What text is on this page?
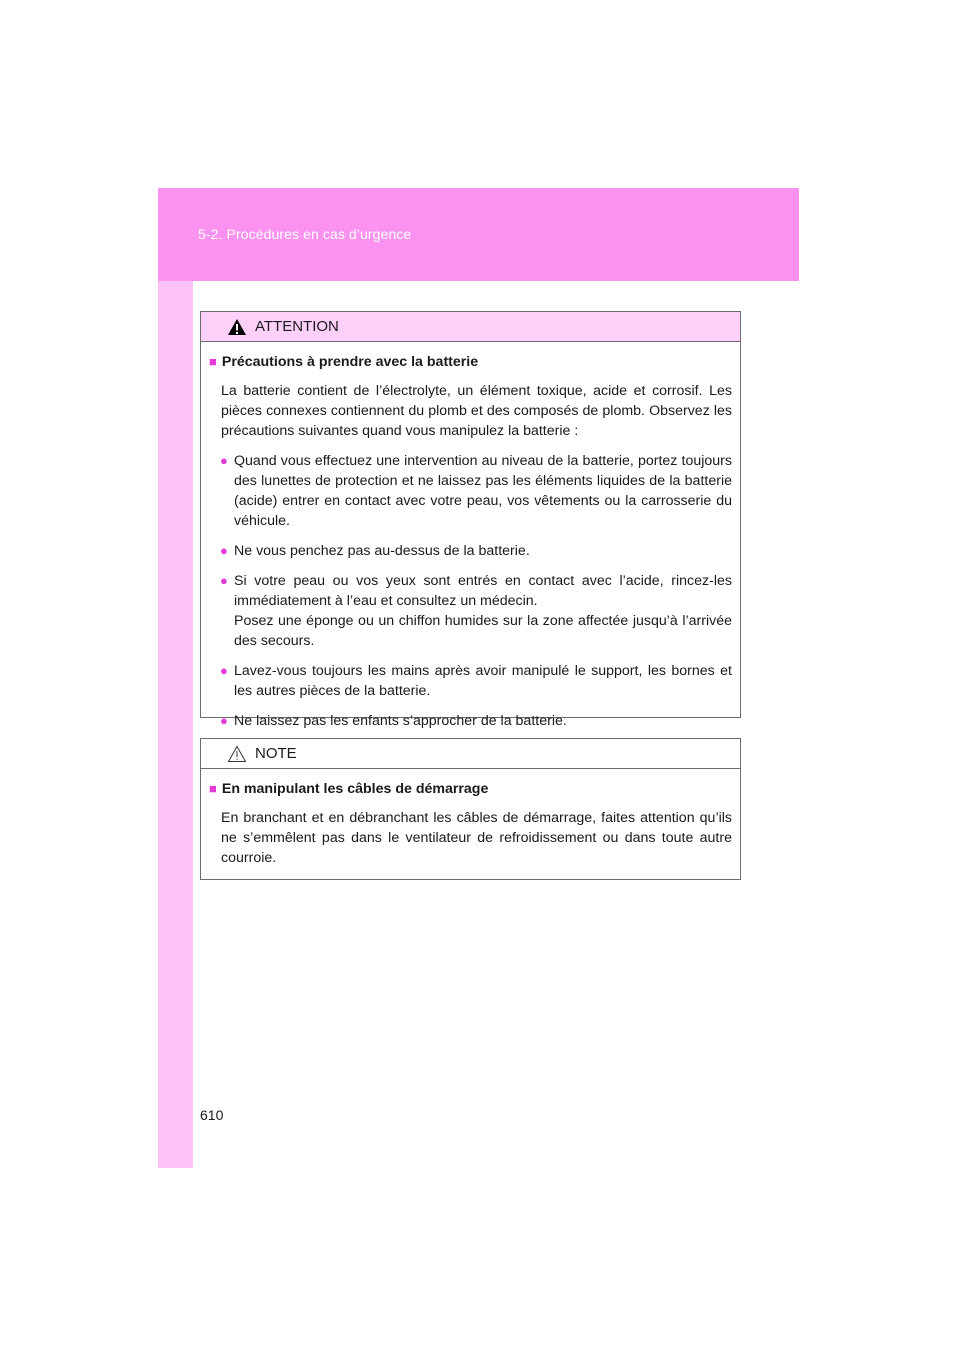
5-2. Procédures en cas d’urgence
ATTENTION
■ Précautions à prendre avec la batterie
La batterie contient de l’électrolyte, un élément toxique, acide et corrosif. Les pièces connexes contiennent du plomb et des composés de plomb. Observez les précautions suivantes quand vous manipulez la batterie :
● Quand vous effectuez une intervention au niveau de la batterie, portez toujours des lunettes de protection et ne laissez pas les éléments liquides de la batterie (acide) entrer en contact avec votre peau, vos vêtements ou la carrosserie du véhicule.
● Ne vous penchez pas au-dessus de la batterie.
● Si votre peau ou vos yeux sont entrés en contact avec l’acide, rincez-les immédiatement à l’eau et consultez un médecin.
Posez une éponge ou un chiffon humides sur la zone affectée jusqu’à l’arrivée des secours.
● Lavez-vous toujours les mains après avoir manipulé le support, les bornes et les autres pièces de la batterie.
● Ne laissez pas les enfants s’approcher de la batterie.
NOTE
■ En manipulant les câbles de démarrage
En branchant et en débranchant les câbles de démarrage, faites attention qu’ils ne s’emmêlent pas dans le ventilateur de refroidissement ou dans toute autre courroie.
610
